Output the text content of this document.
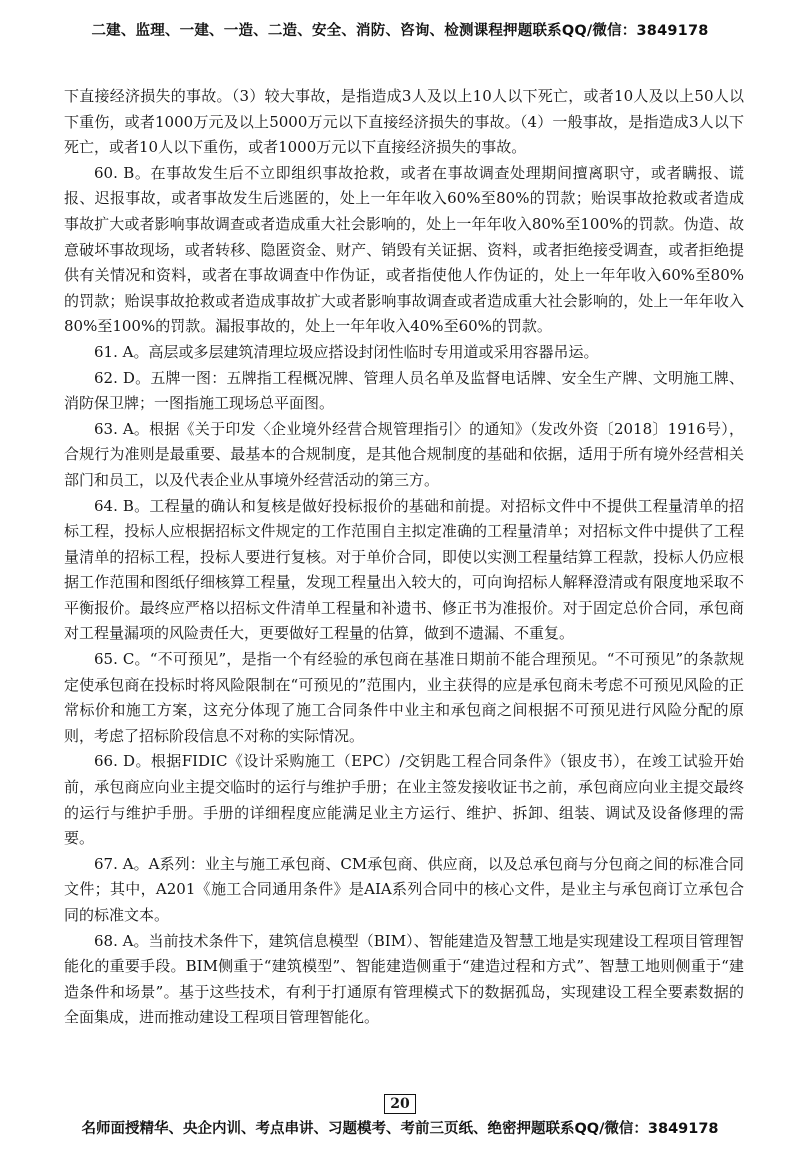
二建、监理、一建、一造、二造、安全、消防、咨询、检测课程押题联系QQ/微信：3849178

下直接经济损失的事故。（3）较大事故，是指造成3人及以上10人以下死亡，或者10人及以上50人以下重伤，或者1000万元及以上5000万元以下直接经济损失的事故。（4）一般事故，是指造成3人以下死亡，或者10人以下重伤，或者1000万元以下直接经济损失的事故。

60. B。在事故发生后不立即组织事故抢救，或者在事故调查处理期间擅离职守，或者瞒报、谎报、迟报事故，或者事故发生后逃匿的，处上一年年收入60%至80%的罚款；贻误事故抢救或者造成事故扩大或者影响事故调查或者造成重大社会影响的，处上一年年收入80%至100%的罚款。伪造、故意破坏事故现场，或者转移、隐匿资金、财产、销毁有关证据、资料，或者拒绝接受调查，或者拒绝提供有关情况和资料，或者在事故调查中作伪证，或者指使他人作伪证的，处上一年年收入60%至80%的罚款；贻误事故抢救或者造成事故扩大或者影响事故调查或者造成重大社会影响的，处上一年年收入80%至100%的罚款。漏报事故的，处上一年年收入40%至60%的罚款。

61. A。高层或多层建筑清理垃圾应搭设封闭性临时专用道或采用容器吊运。

62. D。五牌一图：五牌指工程概况牌、管理人员名单及监督电话牌、安全生产牌、文明施工牌、消防保卫牌；一图指施工现场总平面图。

63. A。根据《关于印发〈企业境外经营合规管理指引〉的通知》（发改外资〔2018〕1916号），合规行为准则是最重要、最基本的合规制度，是其他合规制度的基础和依据，适用于所有境外经营相关部门和员工，以及代表企业从事境外经营活动的第三方。

64. B。工程量的确认和复核是做好投标报价的基础和前提。对招标文件中不提供工程量清单的招标工程，投标人应根据招标文件规定的工作范围自主拟定准确的工程量清单；对招标文件中提供了工程量清单的招标工程，投标人要进行复核。对于单价合同，即使以实测工程量结算工程款，投标人仍应根据工作范围和图纸仔细核算工程量，发现工程量出入较大的，可向询招标人解释澄清或有限度地采取不平衡报价。最终应严格以招标文件清单工程量和补遗书、修正书为准报价。对于固定总价合同，承包商对工程量漏项的风险责任大，更要做好工程量的估算，做到不遗漏、不重复。

65. C。“不可预见”，是指一个有经验的承包商在基准日期前不能合理预见。“不可预见”的条款规定使承包商在投标时将风险限制在“可预见的”范围内，业主获得的应是承包商未考虑不可预见风险的正常标价和施工方案，这充分体现了施工合同条件中业主和承包商之间根据不可预见进行风险分配的原则，考虑了招标阶段信息不对称的实际情况。

66. D。根据FIDIC《设计采购施工（EPC）/交钥匙工程合同条件》（银皮书），在竣工试验开始前，承包商应向业主提交临时的运行与维护手册；在业主签发接收证书之前，承包商应向业主提交最终的运行与维护手册。手册的详细程度应能满足业主方运行、维护、拆卸、组装、调试及设备修理的需要。

67. A。A系列：业主与施工承包商、CM承包商、供应商，以及总承包商与分包商之间的标准合同文件；其中，A201《施工合同通用条件》是AIA系列合同中的核心文件，是业主与承包商订立承包合同的标准文本。

68. A。当前技术条件下，建筑信息模型（BIM）、智能建造及智慧工地是实现建设工程项目管理智能化的重要手段。BIM侧重于“建筑模型”、智能建造侧重于“建造过程和方式”、智慧工地则侧重于“建造条件和场景”。基于这些技术，有利于打通原有管理模式下的数据孤岛，实现建设工程全要素数据的全面集成，进而推动建设工程项目管理智能化。

20
名师面授精华、央企内训、考点串讲、习题模考、考前三页纸、绝密押题联系QQ/微信：3849178
